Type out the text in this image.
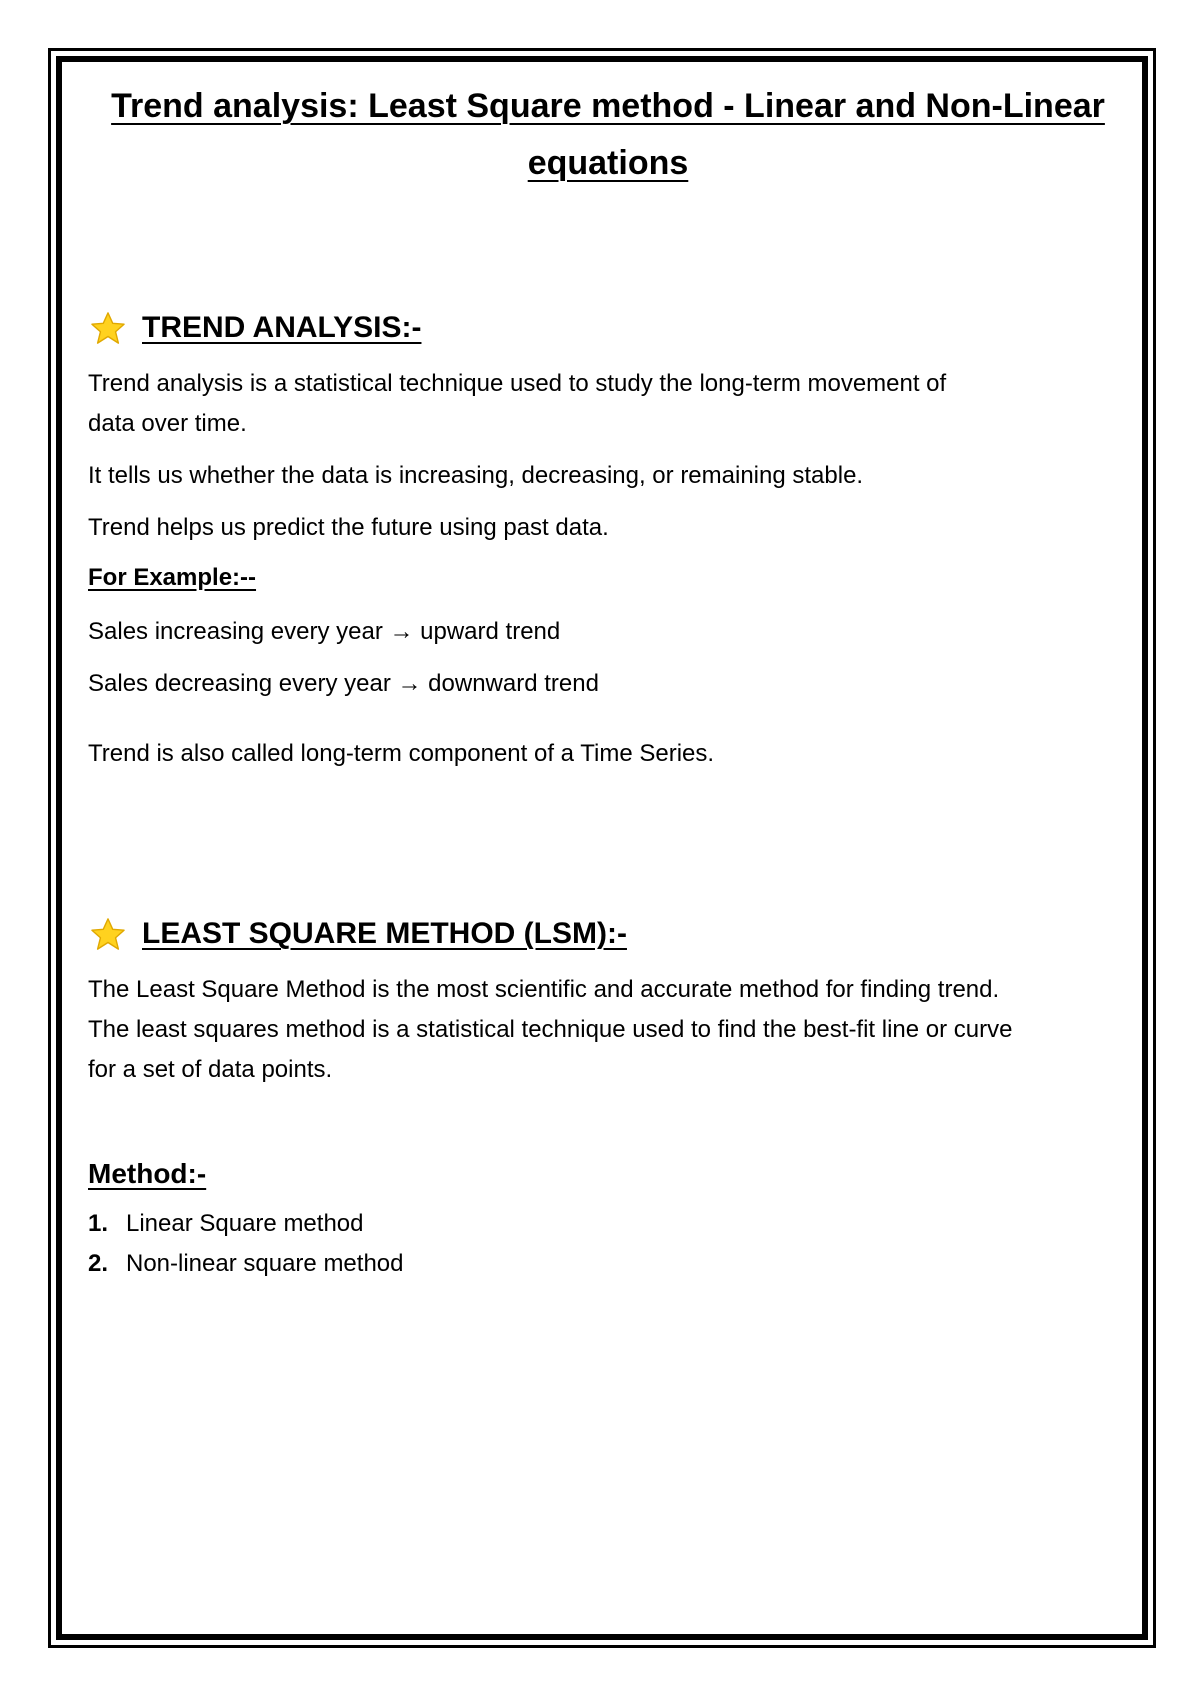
Trend analysis: Least Square method - Linear and Non-Linear equations
TREND ANALYSIS:-

Trend analysis is a statistical technique used to study the long-term movement of data over time.

It tells us whether the data is increasing, decreasing, or remaining stable.

Trend helps us predict the future using past data.

For Example:--

Sales increasing every year → upward trend

Sales decreasing every year → downward trend

Trend is also called long-term component of a Time Series.

LEAST SQUARE METHOD (LSM):-

The Least Square Method is the most scientific and accurate method for finding trend. The least squares method is a statistical technique used to find the best-fit line or curve for a set of data points.

Method:-

1. Linear Square method
2. Non-linear square method
